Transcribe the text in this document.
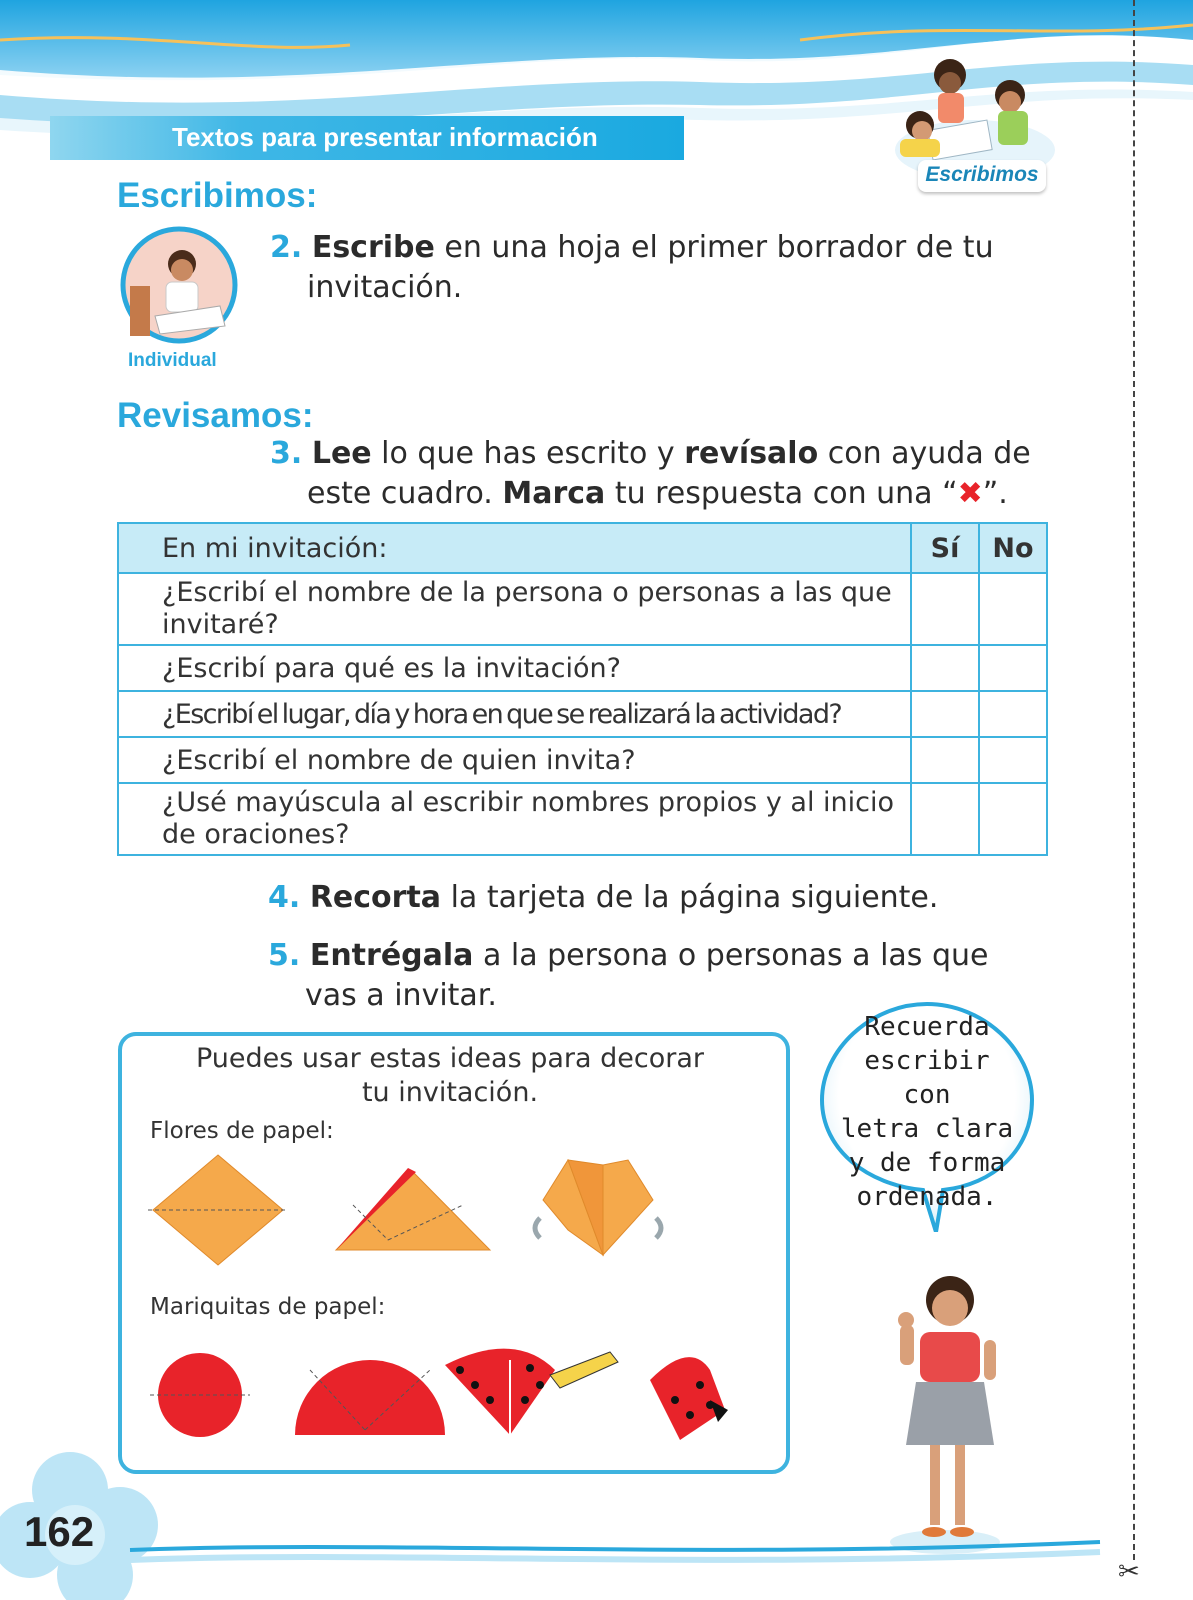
Textos para presentar información
Escribimos
Escribimos:
Individual
2. Escribe en una hoja el primer borrador de tu
invitación.
Revisamos:
3. Lee lo que has escrito y revísalo con ayuda de
este cuadro. Marca tu respuesta con una “✖”.
En mi invitación:	Sí	No
¿Escribí el nombre de la persona o personas a las que invitaré?		
¿Escribí para qué es la invitación?		
¿Escribí el lugar, día y hora en que se realizará la actividad?		
¿Escribí el nombre de quien invita?		
¿Usé mayúscula al escribir nombres propios y al inicio de oraciones?		
4. Recorta la tarjeta de la página siguiente.
5. Entrégala a la persona o personas a las que
vas a invitar.
Puedes usar estas ideas para decorar
tu invitación.
Flores de papel:
Mariquitas de papel:
Recuerda
escribir con
letra clara
y de forma
ordenada.
162
✂
